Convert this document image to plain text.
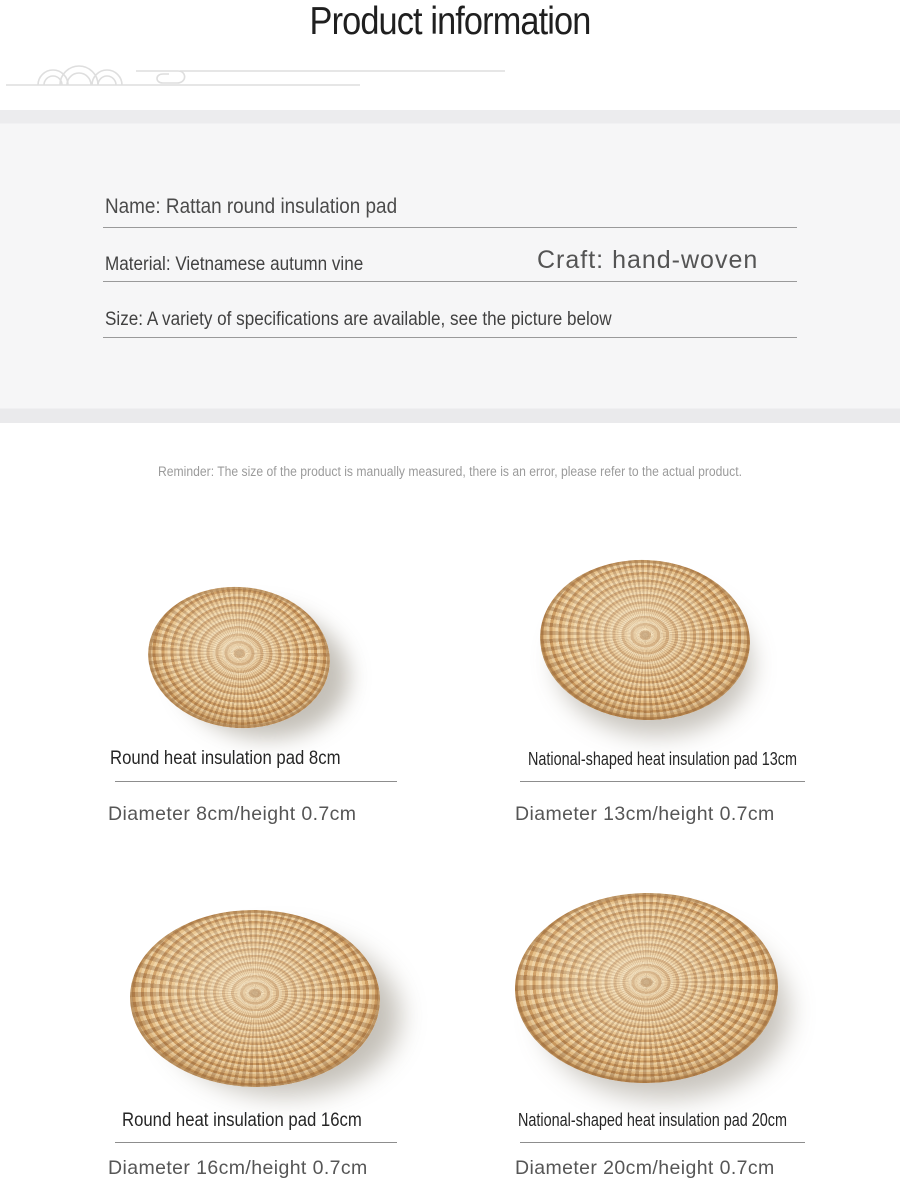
Product information
Name: Rattan round insulation pad
Material: Vietnamese autumn vine	Craft: hand-woven
Size: A variety of specifications are available, see the picture below
Reminder: The size of the product is manually measured, there is an error, please refer to the actual product.
Round heat insulation pad 8cm
Diameter 8cm/height 0.7cm
National-shaped heat insulation pad 13cm
Diameter 13cm/height 0.7cm
Round heat insulation pad 16cm
Diameter 16cm/height 0.7cm
National-shaped heat insulation pad 20cm
Diameter 20cm/height 0.7cm
